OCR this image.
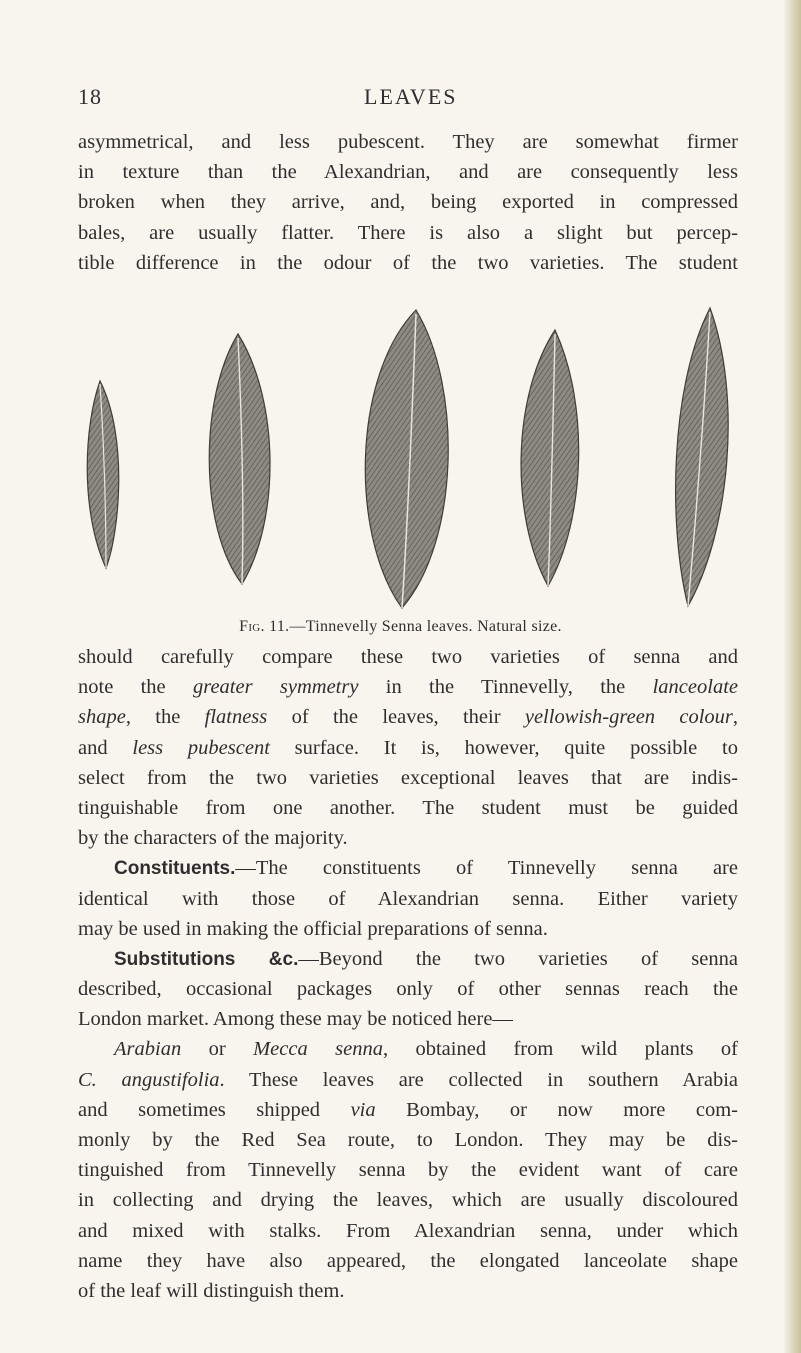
18	LEAVES
asymmetrical, and less pubescent. They are somewhat firmer
in texture than the Alexandrian, and are consequently less
broken when they arrive, and, being exported in compressed
bales, are usually flatter. There is also a slight but percep-
tible difference in the odour of the two varieties. The student
Fig. 11.—Tinnevelly Senna leaves. Natural size.
should carefully compare these two varieties of senna and
note the greater symmetry in the Tinnevelly, the lanceolate
shape, the flatness of the leaves, their yellowish-green colour,
and less pubescent surface. It is, however, quite possible to
select from the two varieties exceptional leaves that are indis-
tinguishable from one another. The student must be guided
by the characters of the majority.
Constituents.—The constituents of Tinnevelly senna are
identical with those of Alexandrian senna. Either variety
may be used in making the official preparations of senna.
Substitutions &c.—Beyond the two varieties of senna
described, occasional packages only of other sennas reach the
London market. Among these may be noticed here—
Arabian or Mecca senna, obtained from wild plants of
C. angustifolia. These leaves are collected in southern Arabia
and sometimes shipped via Bombay, or now more com-
monly by the Red Sea route, to London. They may be dis-
tinguished from Tinnevelly senna by the evident want of care
in collecting and drying the leaves, which are usually discoloured
and mixed with stalks. From Alexandrian senna, under which
name they have also appeared, the elongated lanceolate shape
of the leaf will distinguish them.
